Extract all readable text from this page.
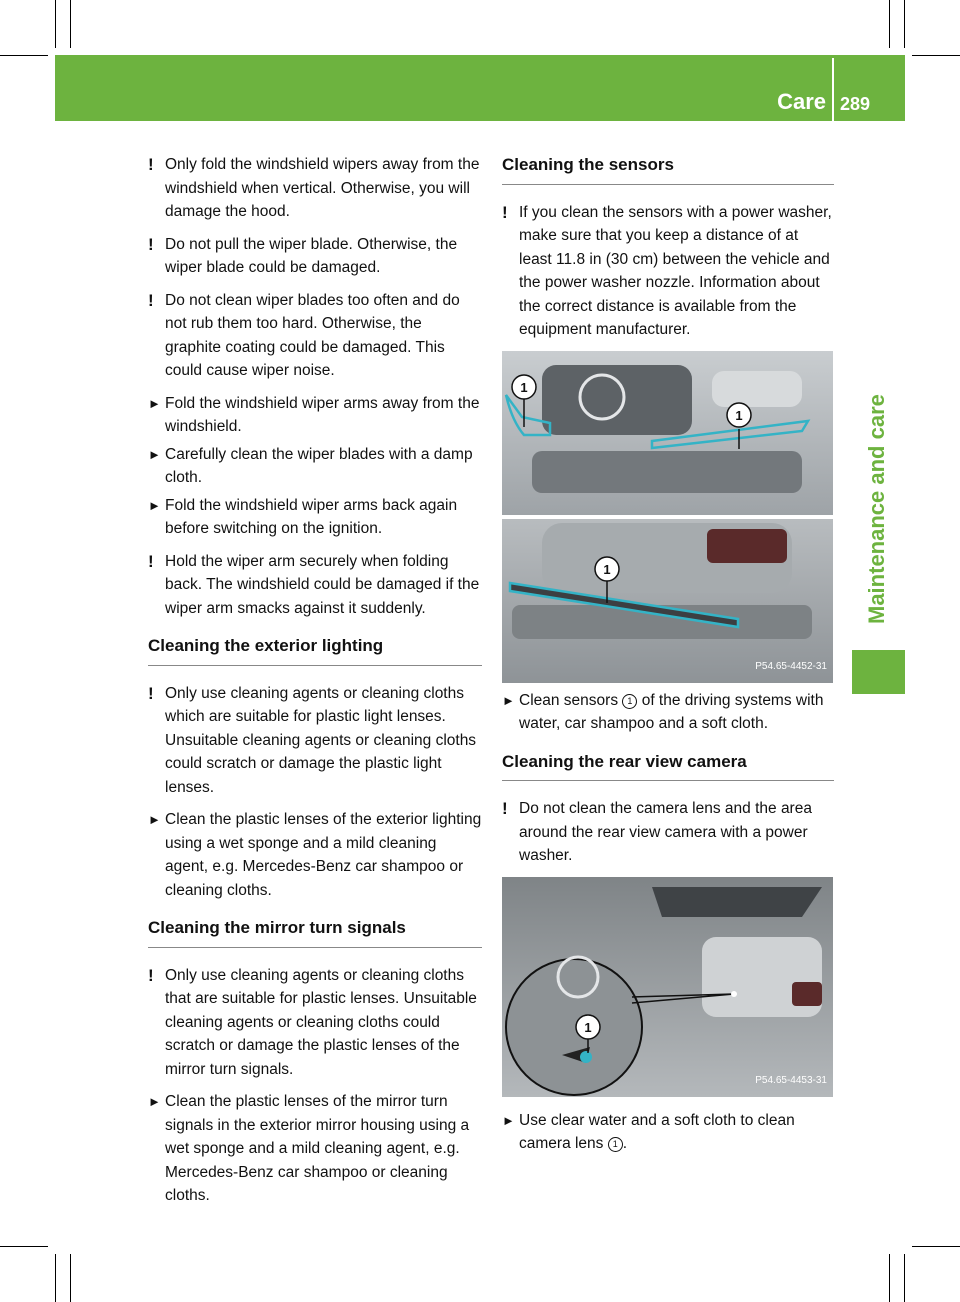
Care 289
Maintenance and care

! Only fold the windshield wipers away from the windshield when vertical. Otherwise, you will damage the hood.

! Do not pull the wiper blade. Otherwise, the wiper blade could be damaged.

! Do not clean wiper blades too often and do not rub them too hard. Otherwise, the graphite coating could be damaged. This could cause wiper noise.

► Fold the windshield wiper arms away from the windshield.

► Carefully clean the wiper blades with a damp cloth.

► Fold the windshield wiper arms back again before switching on the ignition.

! Hold the wiper arm securely when folding back. The windshield could be damaged if the wiper arm smacks against it suddenly.

Cleaning the exterior lighting

! Only use cleaning agents or cleaning cloths which are suitable for plastic light lenses. Unsuitable cleaning agents or cleaning cloths could scratch or damage the plastic light lenses.

► Clean the plastic lenses of the exterior lighting using a wet sponge and a mild cleaning agent, e.g. Mercedes-Benz car shampoo or cleaning cloths.

Cleaning the mirror turn signals

! Only use cleaning agents or cleaning cloths that are suitable for plastic lenses. Unsuitable cleaning agents or cleaning cloths could scratch or damage the plastic lenses of the mirror turn signals.

► Clean the plastic lenses of the mirror turn signals in the exterior mirror housing using a wet sponge and a mild cleaning agent, e.g. Mercedes-Benz car shampoo or cleaning cloths.

Cleaning the sensors

! If you clean the sensors with a power washer, make sure that you keep a distance of at least 11.8 in (30 cm) between the vehicle and the power washer nozzle. Information about the correct distance is available from the equipment manufacturer.

1
1
1
P54.65-4452-31

► Clean sensors 1 of the driving systems with water, car shampoo and a soft cloth.

Cleaning the rear view camera

! Do not clean the camera lens and the area around the rear view camera with a power washer.

1
P54.65-4453-31

► Use clear water and a soft cloth to clean camera lens 1 .
